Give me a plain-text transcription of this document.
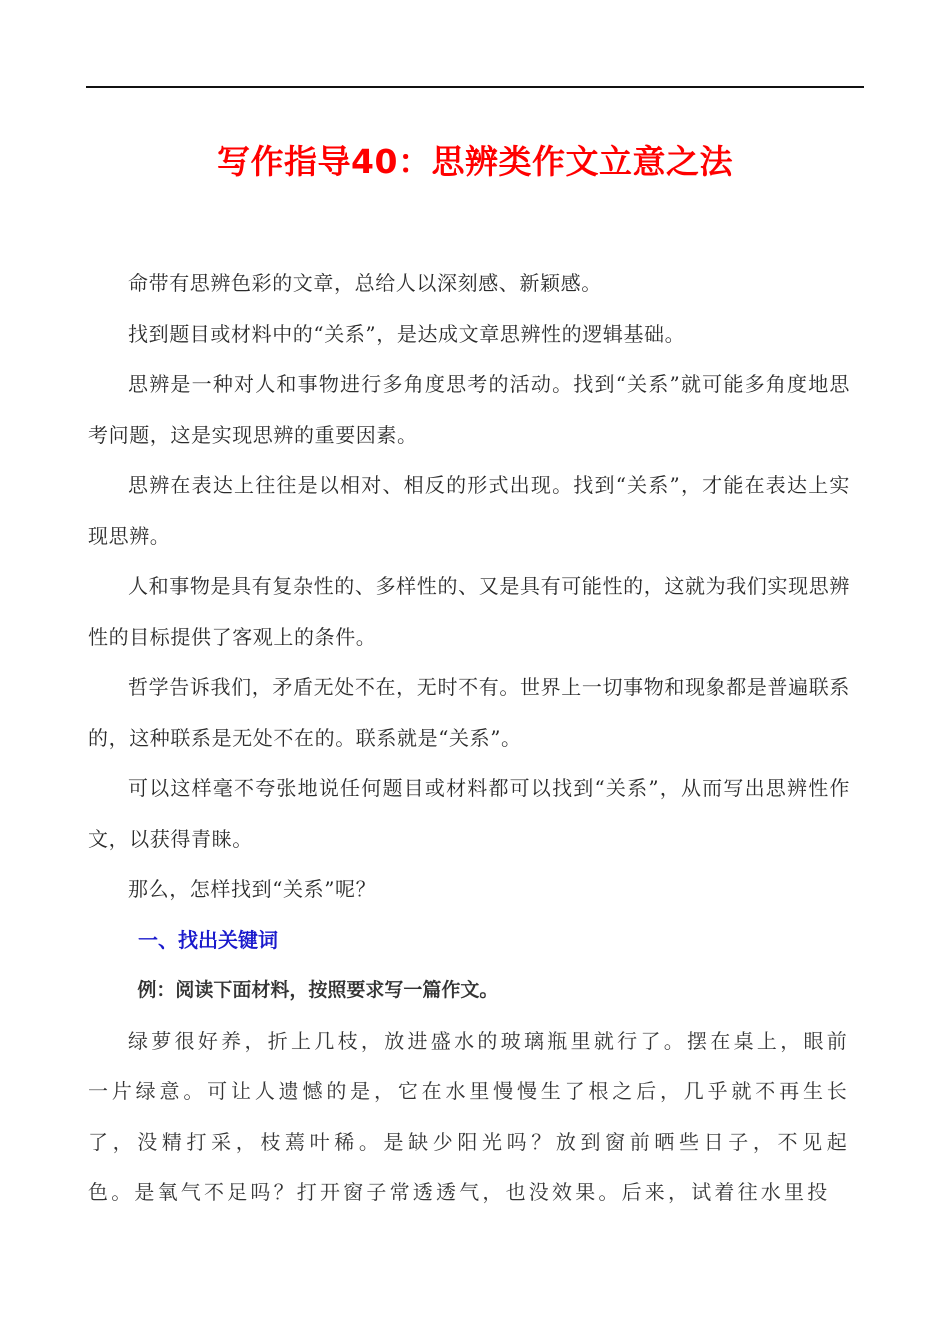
写作指导40：思辨类作文立意之法

命带有思辨色彩的文章，总给人以深刻感、新颖感。

找到题目或材料中的“关系”，是达成文章思辨性的逻辑基础。

思辨是一种对人和事物进行多角度思考的活动。找到“关系”就可能多角度地思考问题，这是实现思辨的重要因素。

思辨在表达上往往是以相对、相反的形式出现。找到“关系”，才能在表达上实现思辨。

人和事物是具有复杂性的、多样性的、又是具有可能性的，这就为我们实现思辨性的目标提供了客观上的条件。

哲学告诉我们，矛盾无处不在，无时不有。世界上一切事物和现象都是普遍联系的，这种联系是无处不在的。联系就是“关系”。

可以这样毫不夸张地说任何题目或材料都可以找到“关系”，从而写出思辨性作文，以获得青睐。

那么，怎样找到“关系”呢？

一、找出关键词

例：阅读下面材料，按照要求写一篇作文。

绿萝很好养，折上几枝，放进盛水的玻璃瓶里就行了。摆在桌上，眼前一片绿意。可让人遗憾的是，它在水里慢慢生了根之后，几乎就不再生长了，没精打采，枝蔫叶稀。是缺少阳光吗？放到窗前晒些日子，不见起色。是氧气不足吗？打开窗子常透透气，也没效果。后来，试着往水里投
